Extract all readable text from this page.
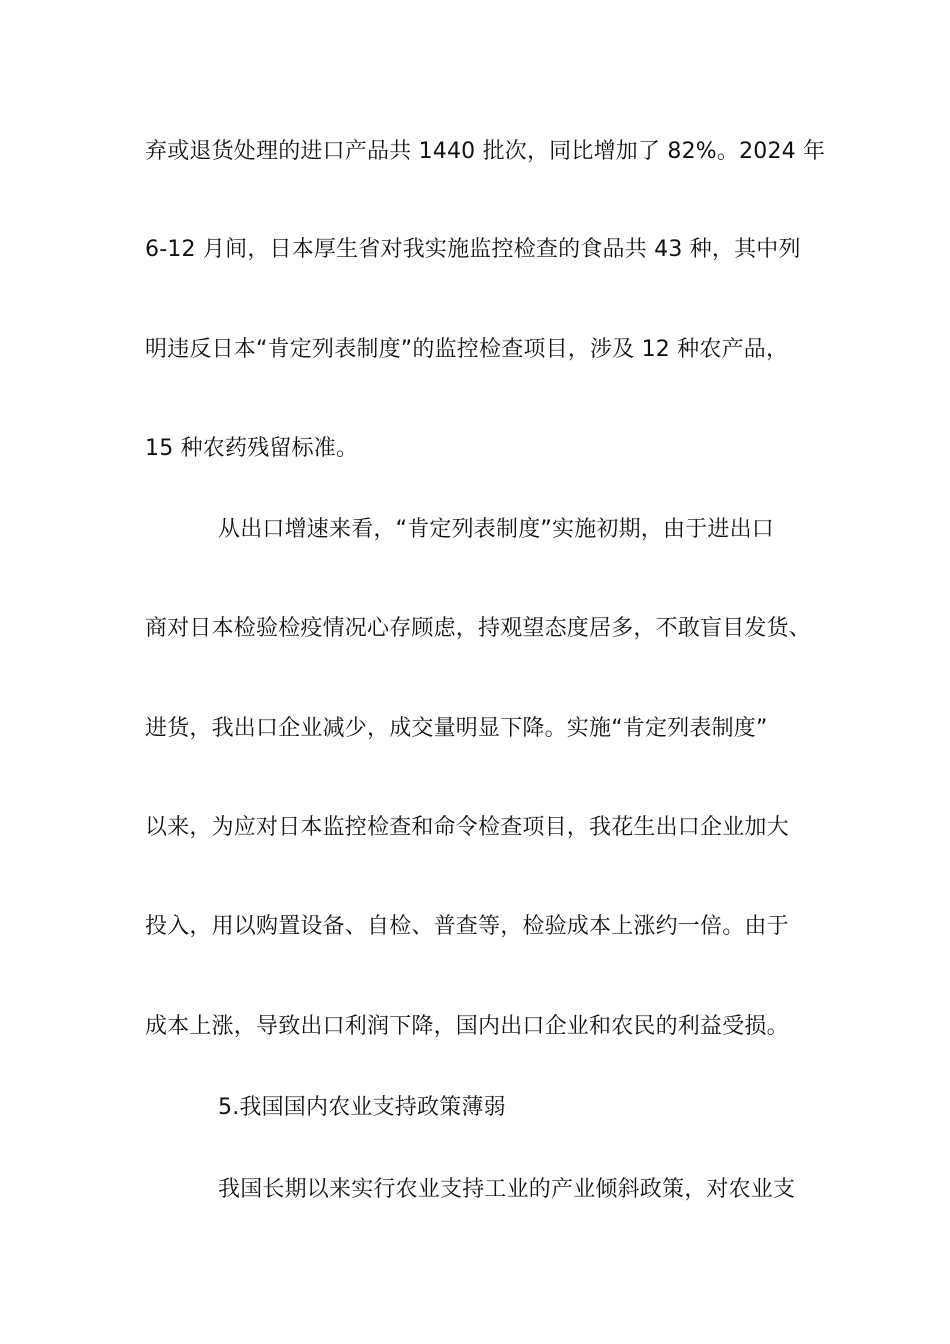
弃或退货处理的进口产品共 1440 批次，同比增加了 82%。2024 年
6-12 月间，日本厚生省对我实施监控检查的食品共 43 种，其中列
明违反日本“肯定列表制度”的监控检查项目，涉及 12 种农产品，
15 种农药残留标准。
从出口增速来看，“肯定列表制度”实施初期，由于进出口
商对日本检验检疫情况心存顾虑，持观望态度居多，不敢盲目发货、
进货，我出口企业减少，成交量明显下降。实施“肯定列表制度”
以来，为应对日本监控检查和命令检查项目，我花生出口企业加大
投入，用以购置设备、自检、普查等，检验成本上涨约一倍。由于
成本上涨，导致出口利润下降，国内出口企业和农民的利益受损。
5.我国国内农业支持政策薄弱
我国长期以来实行农业支持工业的产业倾斜政策，对农业支
